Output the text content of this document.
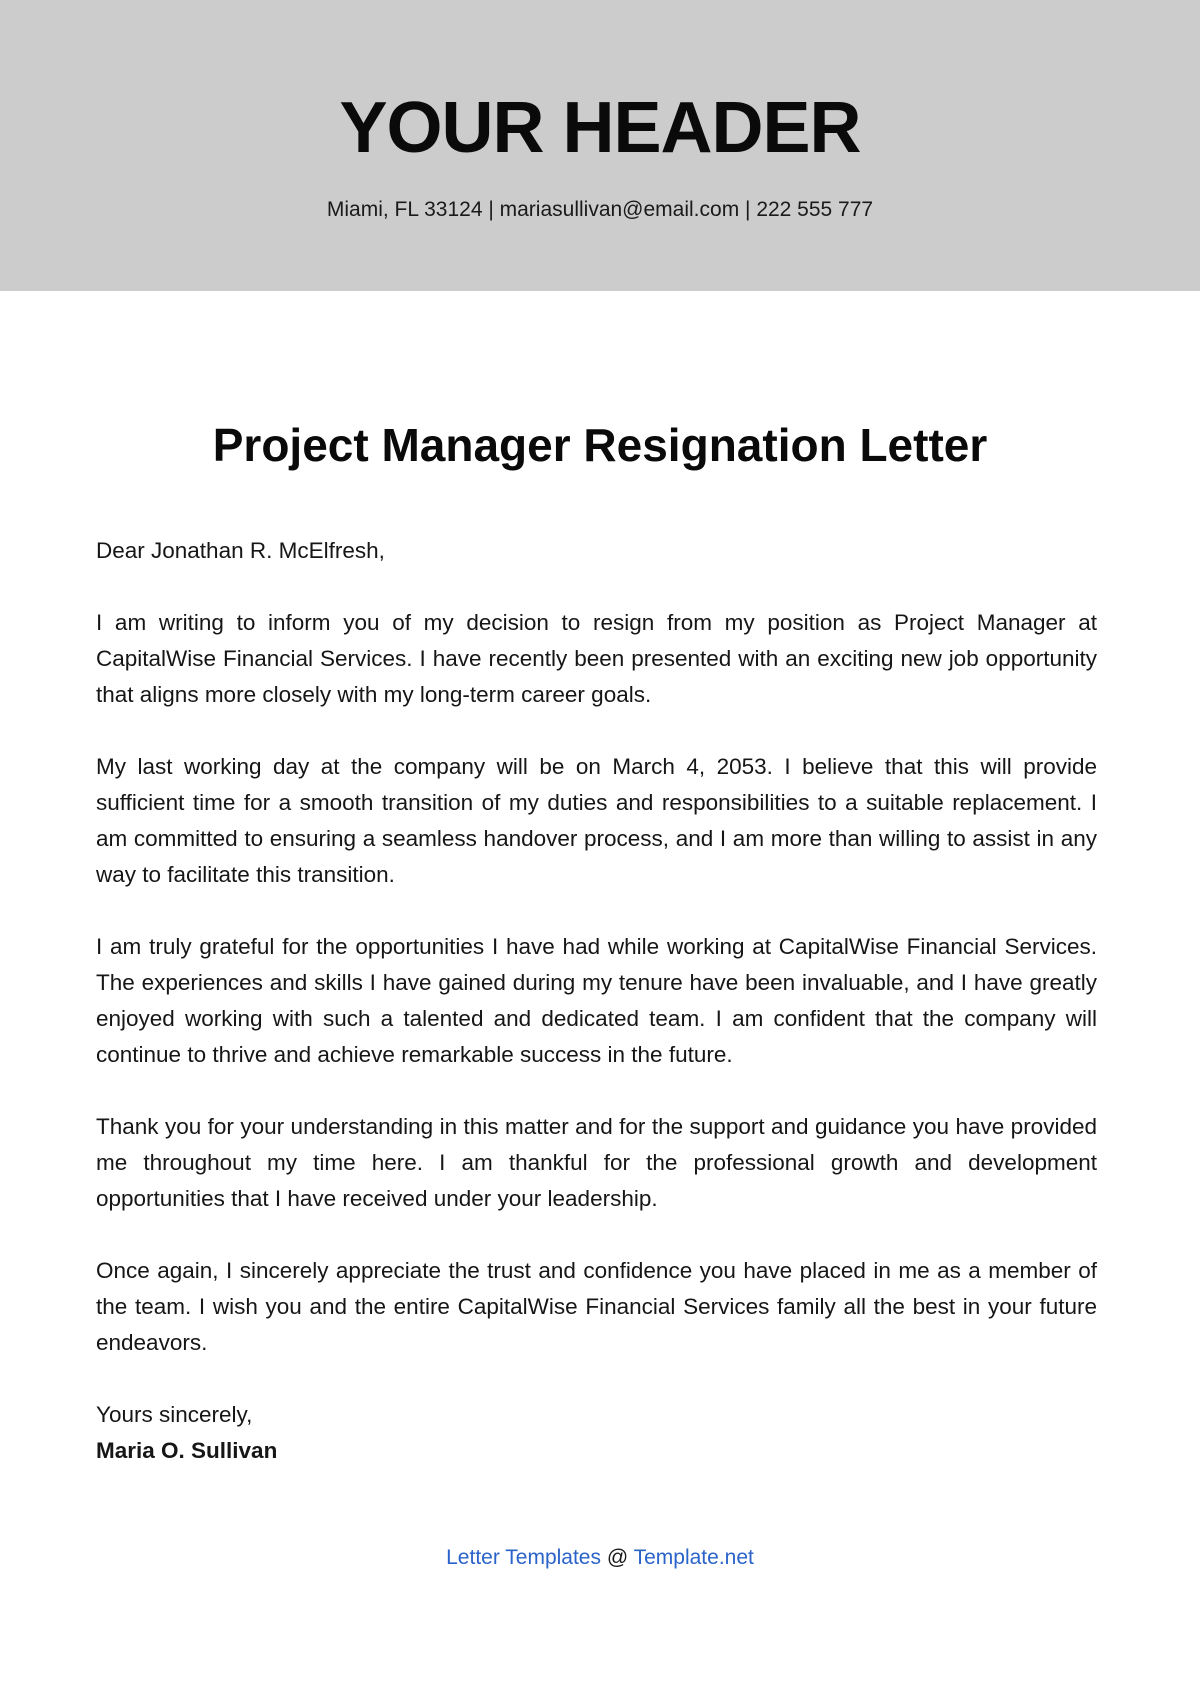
YOUR HEADER
Miami, FL 33124 | mariasullivan@email.com | 222 555 777
Project Manager Resignation Letter

Dear Jonathan R. McElfresh,

I am writing to inform you of my decision to resign from my position as Project Manager at CapitalWise Financial Services. I have recently been presented with an exciting new job opportunity that aligns more closely with my long-term career goals.

My last working day at the company will be on March 4, 2053. I believe that this will provide sufficient time for a smooth transition of my duties and responsibilities to a suitable replacement. I am committed to ensuring a seamless handover process, and I am more than willing to assist in any way to facilitate this transition.

I am truly grateful for the opportunities I have had while working at CapitalWise Financial Services. The experiences and skills I have gained during my tenure have been invaluable, and I have greatly enjoyed working with such a talented and dedicated team. I am confident that the company will continue to thrive and achieve remarkable success in the future.

Thank you for your understanding in this matter and for the support and guidance you have provided me throughout my time here. I am thankful for the professional growth and development opportunities that I have received under your leadership.

Once again, I sincerely appreciate the trust and confidence you have placed in me as a member of the team. I wish you and the entire CapitalWise Financial Services family all the best in your future endeavors.

Yours sincerely,
Maria O. Sullivan
Letter Templates @ Template.net
